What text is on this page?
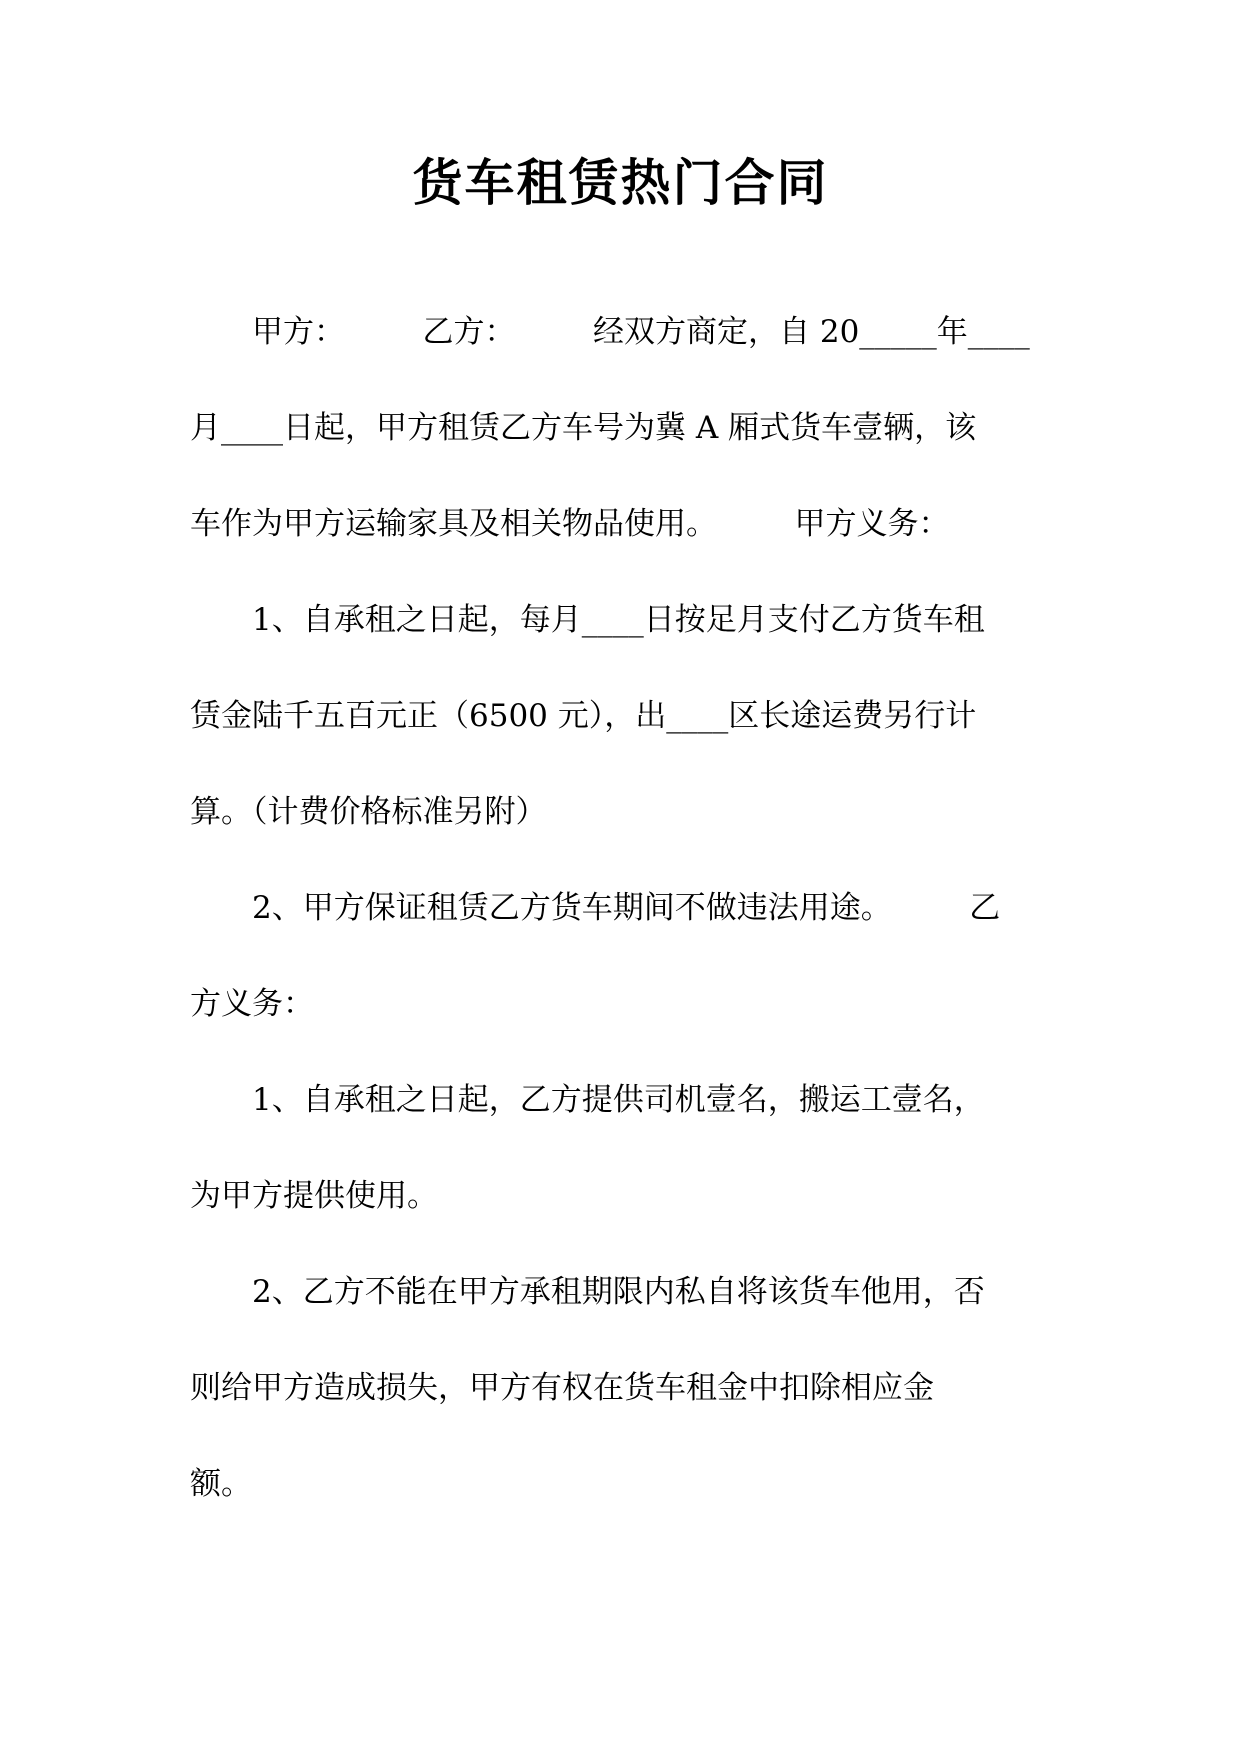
货车租赁热门合同
　　甲方：　　　乙方：　　　经双方商定，自 20_____年____
月____日起，甲方租赁乙方车号为冀 A 厢式货车壹辆，该
车作为甲方运输家具及相关物品使用。　　　甲方义务：
　　1、自承租之日起，每月____日按足月支付乙方货车租
赁金陆千五百元正（6500 元），出____区长途运费另行计
算。（计费价格标准另附）
　　2、甲方保证租赁乙方货车期间不做违法用途。　　　乙
方义务：
　　1、自承租之日起，乙方提供司机壹名，搬运工壹名，
为甲方提供使用。
　　2、乙方不能在甲方承租期限内私自将该货车他用，否
则给甲方造成损失，甲方有权在货车租金中扣除相应金
额。
